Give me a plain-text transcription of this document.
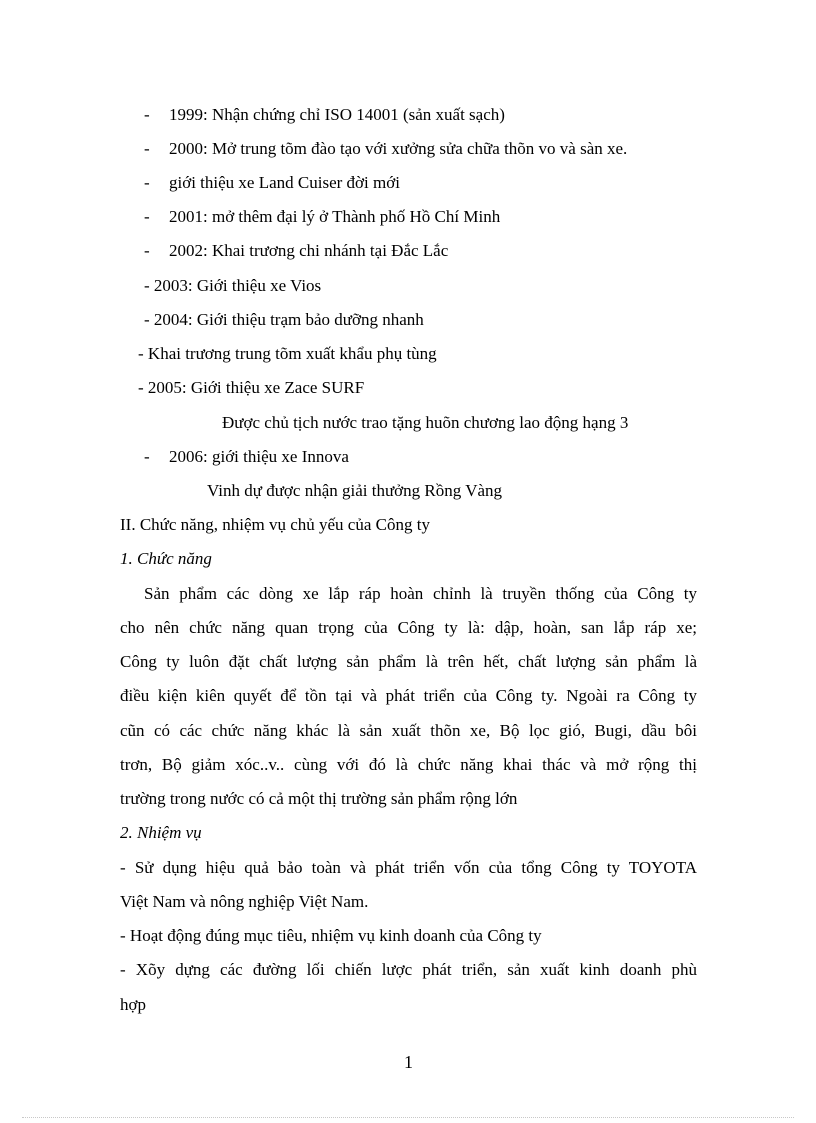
- 1999: Nhận chứng chỉ ISO 14001 (sản xuất sạch)
- 2000: Mở trung tõm đào tạo với xưởng sửa chữa thõn vo và sàn xe.
- giới thiệu xe Land Cuiser đời mới
- 2001: mở thêm đại lý ở Thành phố Hồ Chí Minh
- 2002: Khai trương chi nhánh tại Đắc Lắc
- 2003: Giới thiệu xe Vios
- 2004: Giới thiệu trạm bảo dưỡng nhanh
- Khai trương trung tõm xuất khẩu phụ tùng
- 2005: Giới thiệu xe Zace SURF
Được chủ tịch nước trao tặng huõn chương lao động hạng 3
- 2006: giới thiệu xe Innova
Vinh dự được nhận giải thưởng Rồng Vàng
II. Chức năng, nhiệm vụ chủ yếu của Công ty
1. Chức năng
Sản phẩm các dòng xe lắp ráp hoàn chỉnh là truyền thống của Công ty
cho nên chức năng quan trọng của Công ty là: dập, hoàn, san lắp ráp xe;
Công ty luôn đặt chất lượng sản phẩm là trên hết, chất lượng sản phẩm là
điều kiện kiên quyết để tồn tại và phát triển của Công ty. Ngoài ra Công ty
cũn có các chức năng khác là sản xuất thõn xe, Bộ lọc gió, Bugi, dầu bôi
trơn, Bộ giảm xóc..v.. cùng với đó là chức năng khai thác và mở rộng thị
trường trong nước có cả một thị trường sản phẩm rộng lớn
2. Nhiệm vụ
- Sử dụng hiệu quả bảo toàn và phát triển vốn của tổng Công ty TOYOTA
Việt Nam và nông nghiệp Việt Nam.
- Hoạt động đúng mục tiêu, nhiệm vụ kinh doanh của Công ty
- Xõy dựng các đường lối chiến lược phát triển, sản xuất kinh doanh phù
hợp
1
